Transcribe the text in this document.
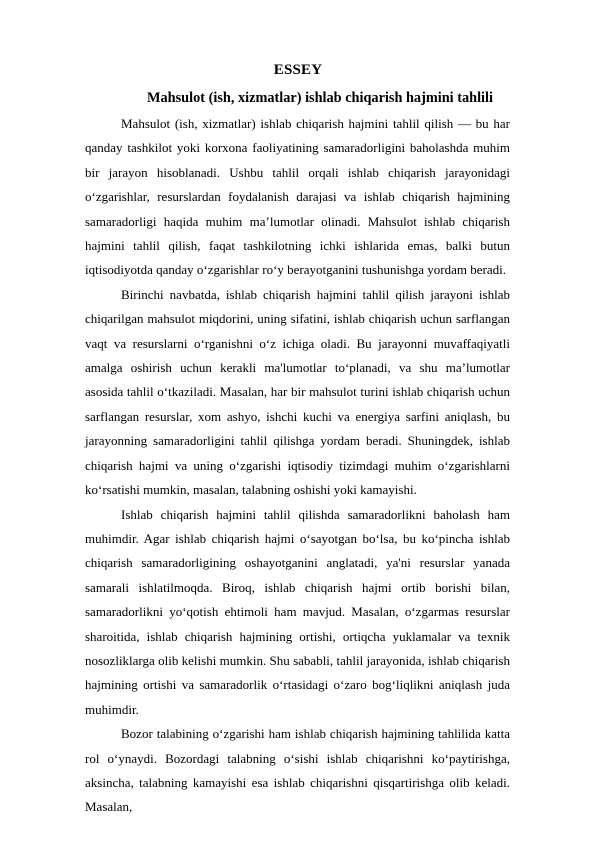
ESSEY
Mahsulot (ish, xizmatlar) ishlab chiqarish hajmini tahlili

Mahsulot (ish, xizmatlar) ishlab chiqarish hajmini tahlil qilish — bu har qanday tashkilot yoki korxona faoliyatining samaradorligini baholashda muhim bir jarayon hisoblanadi. Ushbu tahlil orqali ishlab chiqarish jarayonidagi oʻzgarishlar, resurslardan foydalanish darajasi va ishlab chiqarish hajmining samaradorligi haqida muhim maʼlumotlar olinadi. Mahsulot ishlab chiqarish hajmini tahlil qilish, faqat tashkilotning ichki ishlarida emas, balki butun iqtisodiyotda qanday oʻzgarishlar roʻy berayotganini tushunishga yordam beradi.

Birinchi navbatda, ishlab chiqarish hajmini tahlil qilish jarayoni ishlab chiqarilgan mahsulot miqdorini, uning sifatini, ishlab chiqarish uchun sarflangan vaqt va resurslarni oʻrganishni oʻz ichiga oladi. Bu jarayonni muvaffaqiyatli amalga oshirish uchun kerakli ma'lumotlar toʻplanadi, va shu maʼlumotlar asosida tahlil oʻtkaziladi. Masalan, har bir mahsulot turini ishlab chiqarish uchun sarflangan resurslar, xom ashyo, ishchi kuchi va energiya sarfini aniqlash, bu jarayonning samaradorligini tahlil qilishga yordam beradi. Shuningdek, ishlab chiqarish hajmi va uning oʻzgarishi iqtisodiy tizimdagi muhim oʻzgarishlarni koʻrsatishi mumkin, masalan, talabning oshishi yoki kamayishi.

Ishlab chiqarish hajmini tahlil qilishda samaradorlikni baholash ham muhimdir. Agar ishlab chiqarish hajmi oʻsayotgan boʻlsa, bu koʻpincha ishlab chiqarish samaradorligining oshayotganini anglatadi, ya'ni resurslar yanada samarali ishlatilmoqda. Biroq, ishlab chiqarish hajmi ortib borishi bilan, samaradorlikni yoʻqotish ehtimoli ham mavjud. Masalan, oʻzgarmas resurslar sharoitida, ishlab chiqarish hajmining ortishi, ortiqcha yuklamalar va texnik nosozliklarga olib kelishi mumkin. Shu sababli, tahlil jarayonida, ishlab chiqarish hajmining ortishi va samaradorlik oʻrtasidagi oʻzaro bogʻliqlikni aniqlash juda muhimdir.

Bozor talabining oʻzgarishi ham ishlab chiqarish hajmining tahlilida katta rol oʻynaydi. Bozordagi talabning oʻsishi ishlab chiqarishni koʻpaytirishga, aksincha, talabning kamayishi esa ishlab chiqarishni qisqartirishga olib keladi. Masalan,
